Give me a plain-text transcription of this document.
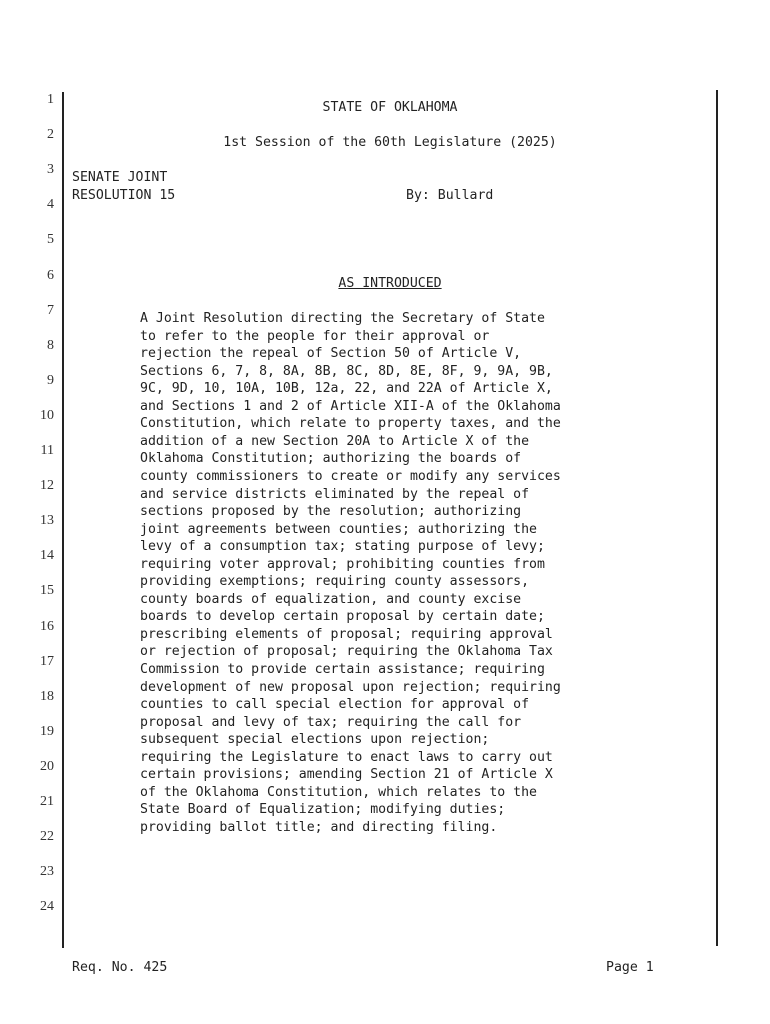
1
2
3
4
5
6
7
8
9
10
11
12
13
14
15
16
17
18
19
20
21
22
23
24
STATE OF OKLAHOMA
1st Session of the 60th Legislature (2025)
SENATE JOINT
RESOLUTION 15	By: Bullard
AS INTRODUCED
A Joint Resolution directing the Secretary of State
to refer to the people for their approval or
rejection the repeal of Section 50 of Article V,
Sections 6, 7, 8, 8A, 8B, 8C, 8D, 8E, 8F, 9, 9A, 9B,
9C, 9D, 10, 10A, 10B, 12a, 22, and 22A of Article X,
and Sections 1 and 2 of Article XII-A of the Oklahoma
Constitution, which relate to property taxes, and the
addition of a new Section 20A to Article X of the
Oklahoma Constitution; authorizing the boards of
county commissioners to create or modify any services
and service districts eliminated by the repeal of
sections proposed by the resolution; authorizing
joint agreements between counties; authorizing the
levy of a consumption tax; stating purpose of levy;
requiring voter approval; prohibiting counties from
providing exemptions; requiring county assessors,
county boards of equalization, and county excise
boards to develop certain proposal by certain date;
prescribing elements of proposal; requiring approval
or rejection of proposal; requiring the Oklahoma Tax
Commission to provide certain assistance; requiring
development of new proposal upon rejection; requiring
counties to call special election for approval of
proposal and levy of tax; requiring the call for
subsequent special elections upon rejection;
requiring the Legislature to enact laws to carry out
certain provisions; amending Section 21 of Article X
of the Oklahoma Constitution, which relates to the
State Board of Equalization; modifying duties;
providing ballot title; and directing filing.
Req. No. 425	Page 1
